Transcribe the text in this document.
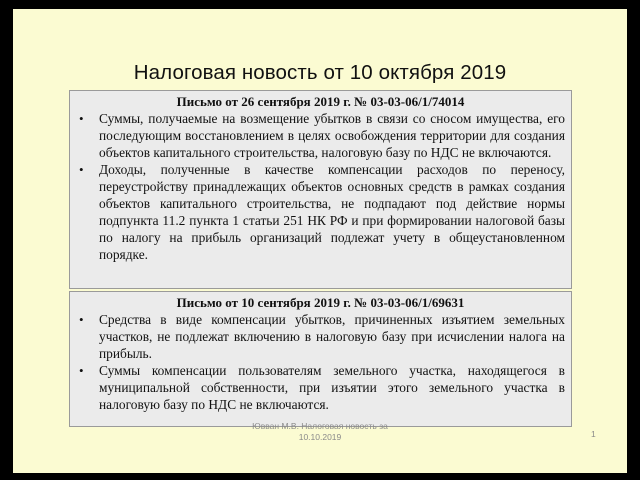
Налоговая новость от 10 октября 2019
Письмо от 26 сентября 2019 г. № 03-03-06/1/74014
• Суммы, получаемые на возмещение убытков в связи со сносом имущества, его последующим восстановлением в целях освобождения территории для создания объектов капитального строительства, налоговую базу по НДС не включаются.
• Доходы, полученные в качестве компенсации расходов по переносу, переустройству принадлежащих объектов основных средств в рамках создания объектов капитального строительства, не подпадают под действие нормы подпункта 11.2 пункта 1 статьи 251 НК РФ и при формировании налоговой базы по налогу на прибыль организаций подлежат учету в общеустановленном порядке.
Письмо от 10 сентября 2019 г. № 03-03-06/1/69631
• Средства в виде компенсации убытков, причиненных изъятием земельных участков, не подлежат включению в налоговую базу при исчислении налога на прибыль.
• Суммы компенсации пользователям земельного участка, находящегося в муниципальной собственности, при изъятии этого земельного участка в налоговую базу по НДС не включаются.
Ювван М.В. Налоговая новость за
10.10.2019	1
